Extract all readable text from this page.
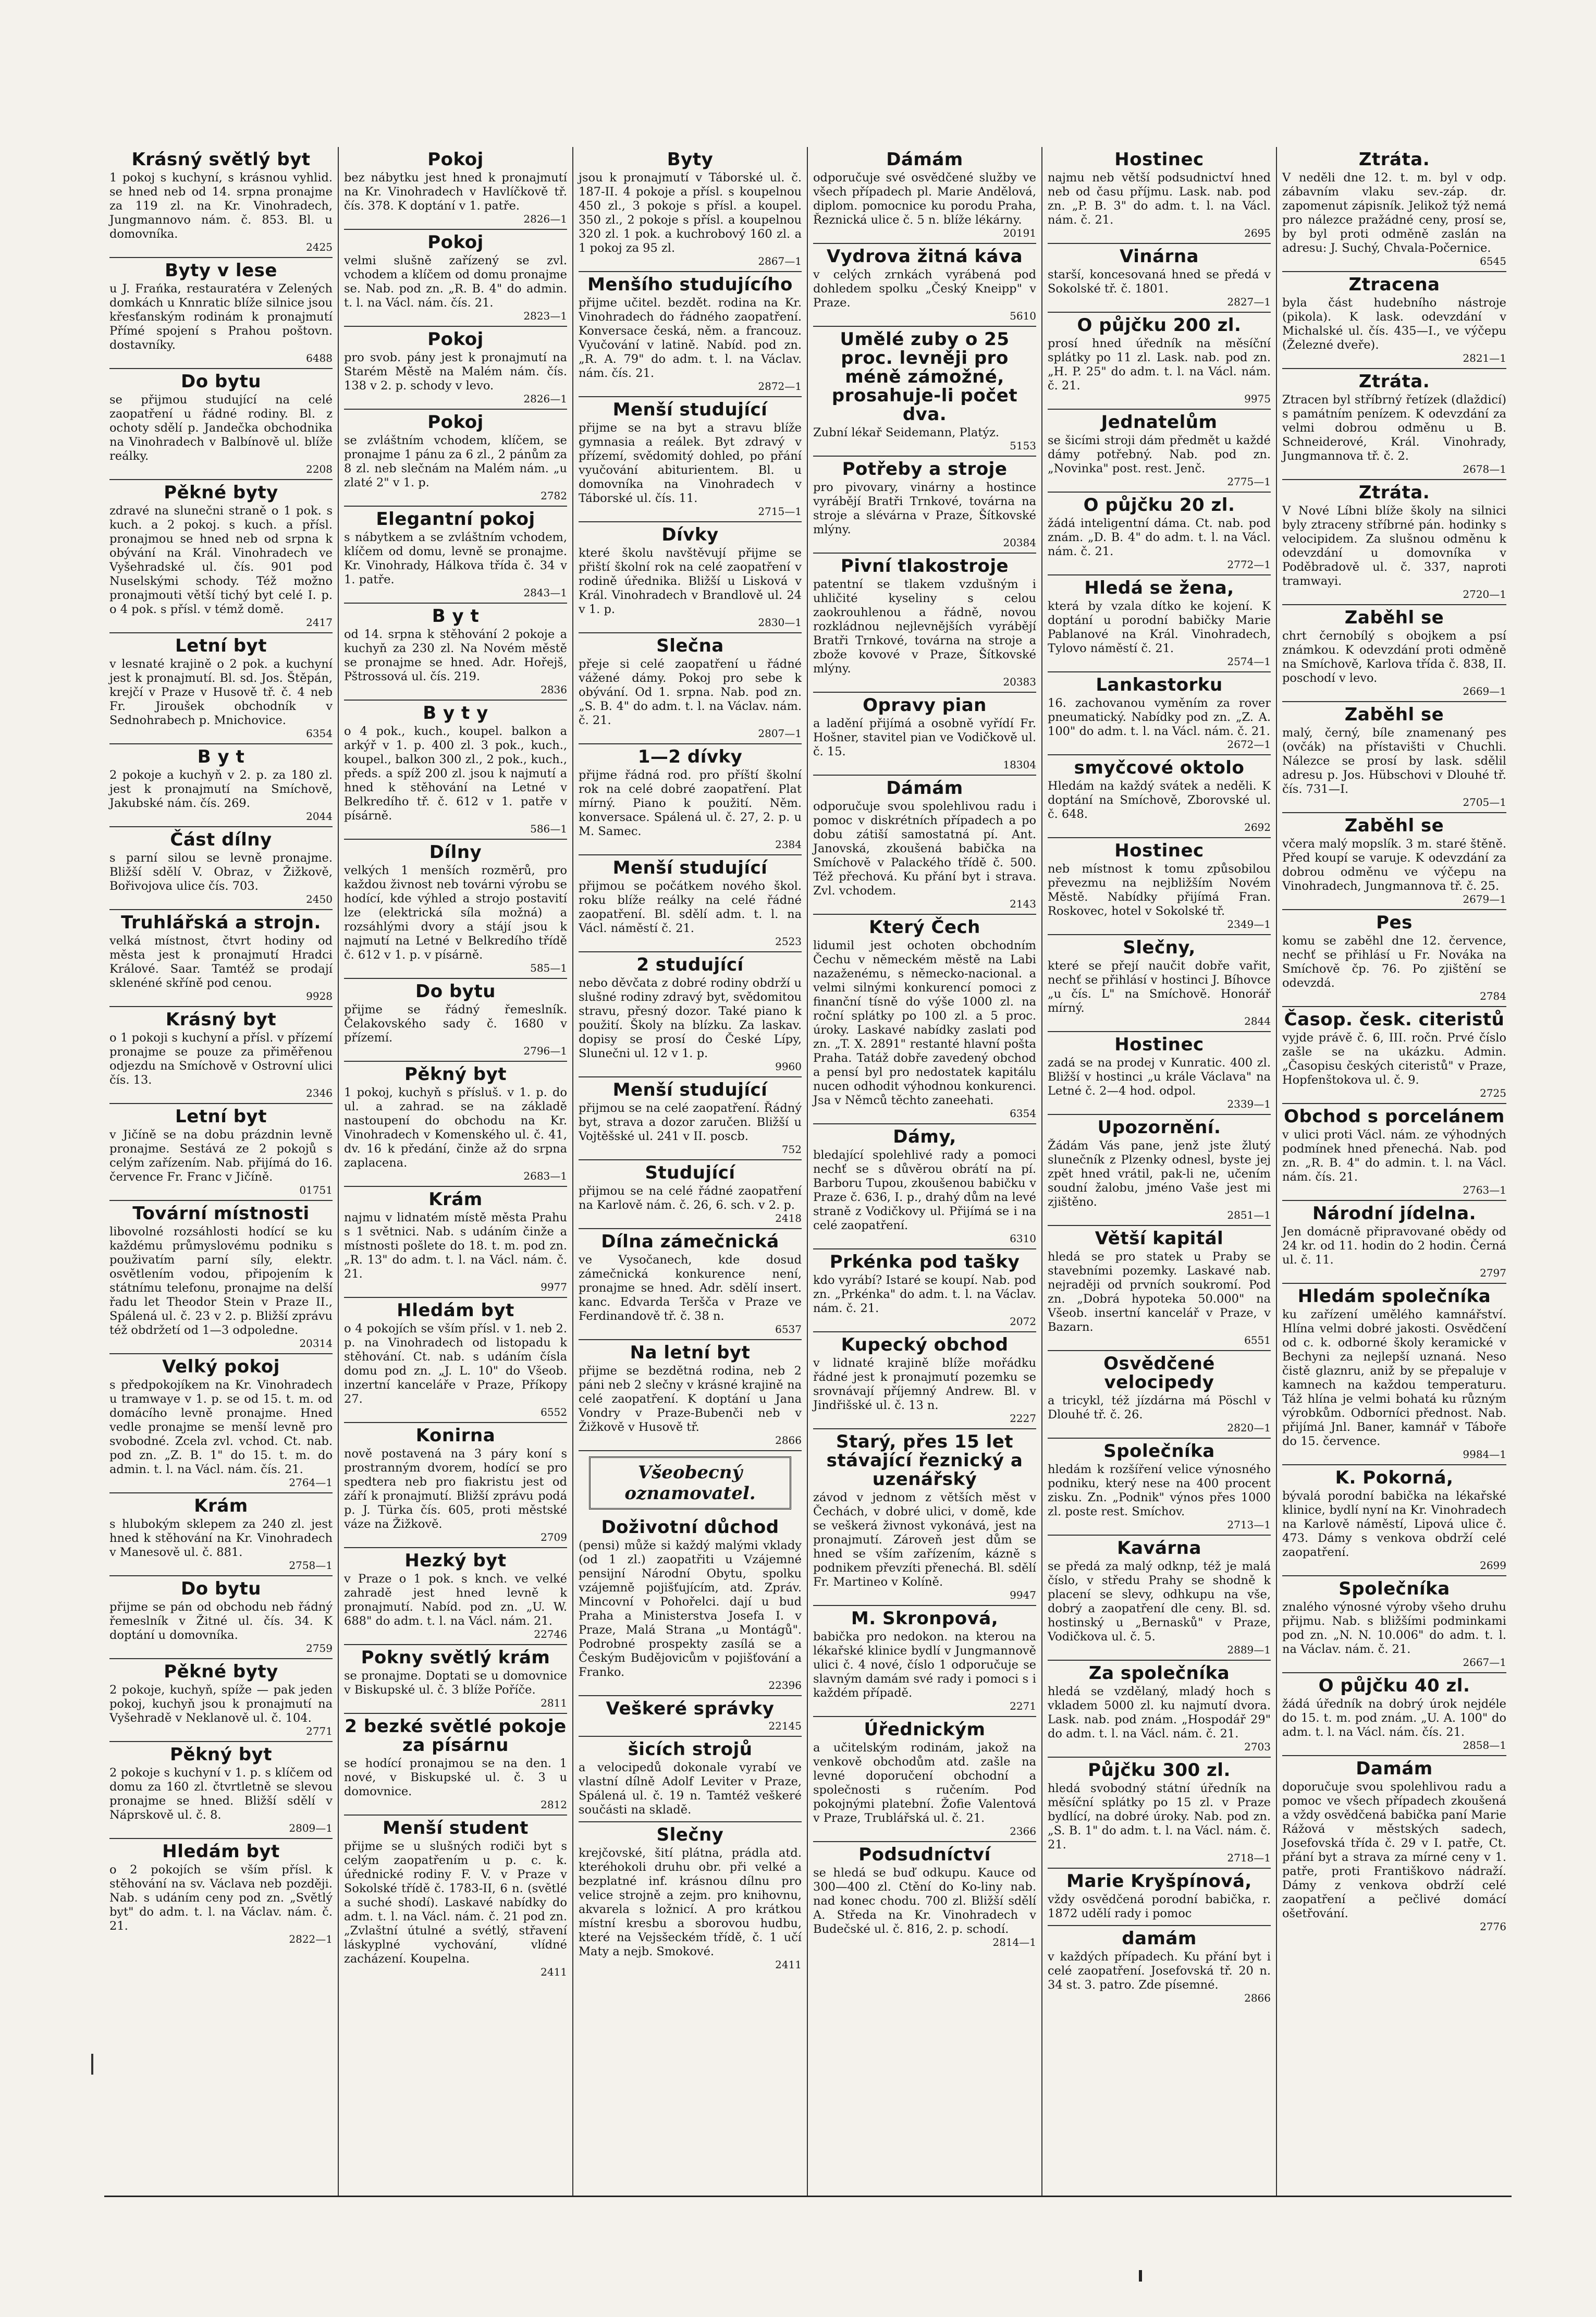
Krásný světlý byt

1 pokoj s kuchyní, s krásnou vyhlid. se hned neb od 14. srpna pronajme za 119 zl. na Kr. Vinohradech, Jungmannovo nám. č. 853. Bl. u domovníka.

2425
Byty v lese

u J. Frańka, restauratéra v Zelených domkách u Knnratic blíže silnice jsou křesťanským rodinám k pronajmutí Přímé spojení s Prahou poštovn. dostavníky.

6488
Do bytu

se přijmou studující na celé zaopatření u řádné rodiny. Bl. z ochoty sdělí p. Jandečka obchodnika na Vinohradech v Balbínově ul. blíže reálky.

2208
Pěkné byty

zdravé na slunečni straně o 1 pok. s kuch. a 2 pokoj. s kuch. a přísl. pronajmou se hned neb od srpna k obývání na Král. Vinohradech ve Vyšehradské ul. čís. 901 pod Nuselskými schody. Též možno pronajmouti větší tichý byt celé I. p. o 4 pok. s přísl. v témž domě.

2417
Letní byt

v lesnaté krajině o 2 pok. a kuchyní jest k pronajmutí. Bl. sd. Jos. Štěpán, krejčí v Praze v Husově tř. č. 4 neb Fr. Jiroušek obchodník v Sednohrabech p. Mnichovice.

6354
B y t

2 pokoje a kuchyň v 2. p. za 180 zl. jest k pronajmutí na Smíchově, Jakubské nám. čís. 269.

2044
Část dílny

s parní silou se levně pronajme. Bližší sdělí V. Obraz, v Žižkově, Bořivojova ulice čís. 703.

2450
Truhlářská a strojn.

velká místnost, čtvrt hodiny od města jest k pronajmutí Hradci Králové. Saar. Tamtéž se prodají sklenéné skříně pod cenou.

9928
Krásný byt

o 1 pokoji s kuchyní a přísl. v přízemí pronajme se pouze za přiměřenou odjezdu na Smíchově v Ostrovní ulici čís. 13.

2346
Letní byt

v Jičíně se na dobu prázdnin levně pronajme. Sestává ze 2 pokojů s celým zařízením. Nab. přijímá do 16. července Fr. Franc v Jičíně.

01751
Tovární místnosti

libovolné rozsáhlosti hodící se ku každému průmyslovému podniku s použivatím parní síly, elektr. osvětlením vodou, připojením k státnímu telefonu, pronajme na delší řadu let Theodor Stein v Praze II., Spálená ul. č. 23 v 2. p. Bližší zprávu též obdržetí od 1—3 odpoledne.

20314
Velký pokoj

s předpokojíkem na Kr. Vinohradech u tramwaye v 1. p. se od 15. t. m. od domácího levně pronajme. Hned vedle pronajme se menší levně pro svobodné. Zcela zvl. vchod. Ct. nab. pod zn. „Z. B. 1" do 15. t. m. do admin. t. l. na Václ. nám. čís. 21.

2764—1
Krám

s hlubokým sklepem za 240 zl. jest hned k stěhování na Kr. Vinohradech v Manesově ul. č. 881.

2758—1
Do bytu

přijme se pán od obchodu neb řádný řemeslník v Žitné ul. čís. 34. K doptání u domovníka.

2759
Pěkné byty

2 pokoje, kuchyň, spíže — pak jeden pokoj, kuchyň jsou k pronajmutí na Vyšehradě v Neklanově ul. č. 104.

2771
Pěkný byt

2 pokoje s kuchyní v 1. p. s klíčem od domu za 160 zl. čtvrtletně se slevou pronajme se hned. Bližší sdělí v Náprskově ul. č. 8.

2809—1
Hledám byt

o 2 pokojích se vším přísl. k stěhování na sv. Václava neb později. Nab. s udáním ceny pod zn. „Světlý byt" do adm. t. l. na Václav. nám. č. 21.

2822—1
Pokoj

bez nábytku jest hned k pronajmutí na Kr. Vinohradech v Havlíčkově tř. čís. 378. K doptání v 1. patře.

2826—1
Pokoj

velmi slušně zařízený se zvl. vchodem a klíčem od domu pronajme se. Nab. pod zn. „R. B. 4" do admin. t. l. na Václ. nám. čís. 21.

2823—1
Pokoj

pro svob. pány jest k pronajmutí na Starém Městě na Malém nám. čís. 138 v 2. p. schody v levo.

2826—1
Pokoj

se zvláštním vchodem, klíčem, se pronajme 1 pánu za 6 zl., 2 pánům za 8 zl. neb slečnám na Malém nám. „u zlaté 2" v 1. p.

2782
Elegantní pokoj

s nábytkem a se zvláštním vchodem, klíčem od domu, levně se pronajme. Kr. Vinohrady, Hálkova třída č. 34 v 1. patře.

2843—1
B y t

od 14. srpna k stěhování 2 pokoje a kuchyň za 230 zl. Na Novém městě se pronajme se hned. Adr. Hořejš, Pštrossová ul. čís. 219.

2836
B y t y

o 4 pok., kuch., koupel. balkon a arkýř v 1. p. 400 zl. 3 pok., kuch., koupel., balkon 300 zl., 2 pok., kuch., předs. a spíž 200 zl. jsou k najmutí a hned k stěhování na Letné v Belkredího tř. č. 612 v 1. patře v písárně.

586—1
Dílny

velkých 1 menších rozměrů, pro každou živnost neb továrni výrobu se hodící, kde výhled a strojo postavití lze (elektrická síla možná) a rozsáhlými dvory a stájí jsou k najmutí na Letné v Belkredího třídě č. 612 v 1. p. v písárně.

585—1
Do bytu

přijme se řádný řemeslník. Čelakovského sady č. 1680 v přízemí.

2796—1
Pěkný byt

1 pokoj, kuchyň s přísluš. v 1. p. do ul. a zahrad. se na základě nastoupení do obchodu na Kr. Vinohradech v Komenského ul. č. 41, dv. 16 k předání, činže až do srpna zaplacena.

2683—1
Krám

najmu v lidnatém místě města Prahu s 1 světnici. Nab. s udáním činže a místnosti pošlete do 18. t. m. pod zn. „R. 13" do adm. t. l. na Václ. nám. č. 21.

9977
Hledám byt

o 4 pokojích se vším přísl. v 1. neb 2. p. na Vinohradech od listopadu k stěhování. Ct. nab. s udáním čísla domu pod zn. „J. L. 10" do Všeob. inzertní kanceláře v Praze, Příkopy 27.

6552
Konirna

nově postavená na 3 páry koní s prostranným dvorem, hodící se pro spedtera neb pro fiakristu jest od září k pronajmutí. Bližší zprávu podá p. J. Türka čís. 605, proti městské váze na Žižkově.

2709
Hezký byt

v Praze o 1 pok. s knch. ve velké zahradě jest hned levně k pronajmutí. Nabíd. pod zn. „U. W. 688" do adm. t. l. na Václ. nám. 21.

22746
Pokny světlý krám

se pronajme. Doptati se u domovnice v Biskupské ul. č. 3 blíže Poříče.

2811
2 bezké světlé pokoje za písárnu

se hodící pronajmou se na den. 1 nové, v Biskupské ul. č. 3 u domovnice.

2812
Menší student

přijme se u slušných rodiči byt s celým zaopatřením u p. c. k. úřednické rodiny F. V. v Praze v Sokolské třídě č. 1783-II, 6 n. (světlé a suché shodí). Laskavé nabídky do adm. t. l. na Václ. nám. č. 21 pod zn. „Zvlaštní útulné a svétlý, střavení láskyplné vychování, vlídné zacházení. Koupelna.

2411
Byty

jsou k pronajmutí v Táborské ul. č. 187-II. 4 pokoje a přísl. s koupelnou 450 zl., 3 pokoje s přísl. a koupel. 350 zl., 2 pokoje s přísl. a koupelnou 320 zl. 1 pok. a kuchrobový 160 zl. a 1 pokoj za 95 zl.

2867—1
Menšího studujícího

přijme učitel. bezdět. rodina na Kr. Vinohradech do řádného zaopatření. Konversace česká, něm. a francouz. Vyučování v latině. Nabíd. pod zn. „R. A. 79" do adm. t. l. na Václav. nám. čís. 21.

2872—1
Menší studující

přijme se na byt a stravu blíže gymnasia a reálek. Byt zdravý v přízemí, svědomitý dohled, po přání vyučování abiturientem. Bl. u domovníka na Vinohradech v Táborské ul. čís. 11.

2715—1
Dívky

které školu navštěvují přijme se přiští školní rok na celé zaopatření v rodině úřednika. Bližší u Lisková v Král. Vinohradech v Brandlově ul. 24 v 1. p.

2830—1
Slečna

přeje si celé zaopatření u řádné vážené dámy. Pokoj pro sebe k obývání. Od 1. srpna. Nab. pod zn. „S. B. 4" do adm. t. l. na Václav. nám. č. 21.

2807—1
1—2 dívky

přijme řádná rod. pro příští školní rok na celé dobré zaopatření. Plat mírný. Piano k použití. Něm. konversace. Spálená ul. č. 27, 2. p. u M. Samec.

2384
Menší studující

přijmou se počátkem nového škol. roku blíže reálky na celé řádné zaopatření. Bl. sdělí adm. t. l. na Václ. náměstí č. 21.

2523
2 studující

nebo děvčata z dobré rodiny obdrží u slušné rodiny zdravý byt, svědomitou stravu, přesný dozor. Také piano k použití. Školy na blízku. Za laskav. dopisy se prosí do České Lípy, Slunečni ul. 12 v 1. p.

9960
Menší studující

přijmou se na celé zaopatření. Řádný byt, strava a dozor zaručen. Bližší u Vojtěšské ul. 241 v II. poscb.

752
Studující

přijmou se na celé řádné zaopatření na Karlově nám. č. 26, 6. sch. v 2. p.

2418
Dílna zámečnická

ve Vysočanech, kde dosud zámečnická konkurence není, pronajme se hned. Adr. sdělí insert. kanc. Edvarda Teršča v Praze ve Ferdinandově tř. č. 38 n.

6537
Na letní byt

přijme se bezdětná rodina, neb 2 páni neb 2 slečny v krásné krajině na celé zaopatření. K doptání u Jana Vondry v Praze-Bubenči neb v Žižkově v Husově tř.

2866
Všeobecný oznamovatel.
Doživotní důchod

(pensi) může si každý malými vklady (od 1 zl.) zaopatřiti u Vzájemné pensijní Národní Obytu, spolku vzájemně pojišťujícím, atd. Zpráv. Mincovní v Pohořelci. dají u bud Praha a Ministerstva Josefa I. v Praze, Malá Strana „u Montágů". Podrobné prospekty zasílá se a Českým Budějovicům v pojišťování a Franko.

22396
Veškeré správky
22145
šicích strojů

a velocipedů dokonale vyrabí ve vlastní dílně Adolf Leviter v Praze, Spálená ul. č. 19 n. Tamtéž veškeré součásti na skladě.

Slečny

krejčovské, šití plátna, prádla atd. kteréhokoli druhu obr. při velké a bezplatné inf. krásnou dílnu pro velice strojně a zejm. pro knihovnu, akvarela s ložnicí. A pro krátkou místní kresbu a sborovou hudbu, které na Vejsšeckém třídě, č. 1 učí Maty a nejb. Smokové.

2411
Dámám

odporučuje své osvědčené služby ve všech případech pl. Marie Andělová, diplom. pomocnice ku porodu Praha, Řeznická ulice č. 5 n. blíže lékárny.

20191
Vydrova žitná káva

v celých zrnkách vyrábená pod dohledem spolku „Český Kneipp" v Praze.

5610
Umělé zuby o 25 proc. levněji pro méně zámožné, prosahuje-li počet dva.

Zubní lékař Seidemann, Platýz.

5153
Potřeby a stroje

pro pivovary, vinárny a hostince vyrábějí Bratři Trnkové, továrna na stroje a slévárna v Praze, Šítkovské mlýny.

20384
Pivní tlakostroje

patentní se tlakem vzdušným i uhličité kyseliny s celou zaokrouhlenou a řádně, novou rozkládnou nejlevnějších vyrábějí Bratři Trnkové, továrna na stroje a zbože kovové v Praze, Šítkovské mlýny.

20383
Opravy pian

a ladění přijímá a osobně vyřídí Fr. Hošner, stavitel pian ve Vodičkově ul. č. 15.

18304
Dámám

odporučuje svou spolehlivou radu i pomoc v diskrétních případech a po dobu zátiší samostatná pí. Ant. Janovská, zkoušená babička na Smíchově v Palackého třídě č. 500. Též přechová. Ku přání byt i strava. Zvl. vchodem.

2143
Který Čech

lidumil jest ochoten obchodním Čechu v německém městě na Labi nazaženému, s německo-nacional. a velmi silnými konkurencí pomoci z finanční tísně do výše 1000 zl. na roční splátky po 100 zl. a 5 proc. úroky. Laskavé nabídky zaslati pod zn. „T. X. 2891" restanté hlavní pošta Praha. Tatáž dobře zavedený obchod a pensí byl pro nedostatek kapitálu nucen odhodit výhodnou konkurenci. Jsa v Němců těchto zaneehati.

6354
Dámy,

bledající spolehlivé rady a pomoci nechť se s důvěrou obrátí na pí. Barboru Tupou, zkoušenou babičku v Praze č. 636, I. p., drahý dům na levé straně z Vodičkovy ul. Přijímá se i na celé zaopatření.

6310
Prkénka pod tašky

kdo vyrábí? Istaré se koupí. Nab. pod zn. „Prkénka" do adm. t. l. na Václav. nám. č. 21.

2072
Kupecký obchod

v lidnaté krajině blíže mořádku řádné jest k pronajmutí pozemku se srovnávají příjemný Andrew. Bl. v Jindřišské ul. č. 13 n.

2227
Starý, přes 15 let stávající řeznický a uzenářský

závod v jednom z větších měst v Čechách, v dobré ulici, v domě, kde se veškerá živnost vykonává, jest na pronajmutí. Zároveň jest dům se hned se vším zařízením, kázně s podnikem převzíti přenechá. Bl. sdělí Fr. Martineo v Kolíně.

9947
M. Skronpová,

babička pro nedokon. na kterou na lékařské klinice bydlí v Jungmannově ulici č. 4 nové, číslo 1 odporučuje se slavným damám své rady i pomoci s i každém případě.

2271
Úřednickým

a učitelským rodinám, jakož na venkově obchodům atd. zašle na levné doporučení obchodní a společnosti s ručením. Pod pokojnými platební. Žofie Valentová v Praze, Trublářská ul. č. 21.

2366
Podsudníctví

se hledá se buď odkupu. Kauce od 300—400 zl. Ctění do Ko-liny nab. nad konec chodu. 700 zl. Bližší sdělí A. Středa na Kr. Vinohradech v Budečské ul. č. 816, 2. p. schodí.

2814—1
Hostinec

najmu neb větší podsudnictví hned neb od času příjmu. Lask. nab. pod zn. „P. B. 3" do adm. t. l. na Václ. nám. č. 21.

2695
Vinárna

starší, koncesovaná hned se předá v Sokolské tř. č. 1801.

2827—1
O půjčku 200 zl.

prosí hned úředník na měsíční splátky po 11 zl. Lask. nab. pod zn. „H. P. 25" do adm. t. l. na Václ. nám. č. 21.

9975
Jednatelům

se šicími stroji dám předmět u každé dámy potřebný. Nab. pod zn. „Novinka" post. rest. Jenč.

2775—1
O půjčku 20 zl.

žádá inteligentní dáma. Ct. nab. pod znám. „D. B. 4" do adm. t. l. na Václ. nám. č. 21.

2772—1
Hledá se žena,

která by vzala dítko ke kojení. K doptání u porodní babičky Marie Pablanové na Král. Vinohradech, Tylovo náměstí č. 21.

2574—1
Lankastorku

16. zachovanou vyměním za rover pneumatický. Nabídky pod zn. „Z. A. 100" do adm. t. l. na Václ. nám. č. 21.

2672—1
smyčcové oktolo

Hledám na každý svátek a neděli. K doptání na Smíchově, Zborovské ul. č. 648.

2692
Hostinec

neb místnost k tomu způsobilou převezmu na nejbližším Novém Městě. Nabídky přijímá Fran. Roskovec, hotel v Sokolské tř.

2349—1
Slečny,

které se přejí naučit dobře vařit, nechť se přihlásí v hostinci J. Bíhovce „u čís. L" na Smíchově. Honorář mírný.

2844
Hostinec

zadá se na prodej v Kunratic. 400 zl. Bližší v hostinci „u krále Václava" na Letné č. 2—4 hod. odpol.

2339—1
Upozornění.

Žádám Vás pane, jenž jste žlutý slunečník z Plzenky odnesl, byste jej zpět hned vrátil, pak-li ne, učením soudní žalobu, jméno Vaše jest mi zjištěno.

2851—1
Větší kapitál

hledá se pro statek u Praby se stavebními pozemky. Laskavé nab. nejraději od prvních soukromí. Pod zn. „Dobrá hypoteka 50.000" na Všeob. insertní kancelář v Praze, v Bazarn.

6551
Osvědčené velocipedy

a tricykl, též jízdárna má Pöschl v Dlouhé tř. č. 26.

2820—1
Společníka

hledám k rozšíření velice výnosného podniku, který nese na 400 procent zisku. Zn. „Podnik" výnos přes 1000 zl. poste rest. Smíchov.

2713—1
Kavárna

se předá za malý odknp, též je malá číslo, v středu Prahy se shodně k placení se slevy, odhkupu na vše, dobrý a zaopatření dle ceny. Bl. sd. hostinský u „Bernasků" v Praze, Vodičkova ul. č. 5.

2889—1
Za společníka

hledá se vzdělaný, mladý hoch s vkladem 5000 zl. ku najmutí dvora. Lask. nab. pod znám. „Hospodář 29" do adm. t. l. na Václ. nám. č. 21.

2703
Půjčku 300 zl.

hledá svobodný státní úředník na měsíční splátky po 15 zl. v Praze bydlící, na dobré úroky. Nab. pod zn. „S. B. 1" do adm. t. l. na Václ. nám. č. 21.

2718—1
Marie Kryšpínová,

vždy osvědčená porodní babička, r. 1872 udělí rady i pomoc

damám

v každých případech. Ku přání byt i celé zaopatření. Josefovská tř. 20 n. 34 st. 3. patro. Zde písemné.

2866
Ztráta.

V neděli dne 12. t. m. byl v odp. zábavním vlaku sev.-záp. dr. zapomenut zápisník. Jelikož týž nemá pro nálezce pražádné ceny, prosí se, by byl proti odměně zaslán na adresu: J. Suchý, Chvala-Počernice.

6545
Ztracena

byla část hudebního nástroje (pikola). K lask. odevzdání v Michalské ul. čís. 435—I., ve výčepu (Železné dveře).

2821—1
Ztráta.

Ztracen byl stříbrný řetízek (dlaždicí) s památním penízem. K odevzdání za velmi dobrou odměnu u B. Schneiderové, Král. Vinohrady, Jungmannova tř. č. 2.

2678—1
Ztráta.

V Nové Líbni blíže školy na silnici byly ztraceny stříbrné pán. hodinky s velocipidem. Za slušnou odměnu k odevzdání u domovníka v Poděbradově ul. č. 337, naproti tramwayi.

2720—1
Zaběhl se

chrt černobílý s obojkem a psí známkou. K odevzdání proti odměně na Smíchově, Karlova třída č. 838, II. poschodí v levo.

2669—1
Zaběhl se

malý, černý, bíle znamenaný pes (ovčák) na přístavišti v Chuchli. Nálezce se prosí by lask. sdělil adresu p. Jos. Hübschovi v Dlouhé tř. čís. 731—I.

2705—1
Zaběhl se

včera malý mopslík. 3 m. staré štěně. Před koupí se varuje. K odevzdání za dobrou odměnu ve výčepu na Vinohradech, Jungmannova tř. č. 25.

2679—1
Pes

komu se zaběhl dne 12. července, nechť se přihlásí u Fr. Nováka na Smíchově čp. 76. Po zjištění se odevzdá.

2784
Časop. česk. citeristů

vyjde právě č. 6, III. ročn. Prvé číslo zašle se na ukázku. Admin. „Časopisu českých citeristů" v Praze, Hopfenštokova ul. č. 9.

2725
Obchod s porcelánem

v ulici proti Václ. nám. ze výhodných podmínek hned přenechá. Nab. pod zn. „R. B. 4" do admin. t. l. na Václ. nám. čís. 21.

2763—1
Národní jídelna.

Jen domácně připravované obědy od 24 kr. od 11. hodin do 2 hodin. Černá ul. č. 11.

2797
Hledám společníka

ku zařízení umělého kamnářství. Hlína velmi dobré jakosti. Osvědčení od c. k. odborné školy keramické v Bechyni za nejlepší uznaná. Neso čistě glaznru, aniž by se přepaluje v kamnech na každou temperaturu. Táž hlína je velmi bohatá ku různým výrobkům. Odborníci přednost. Nab. přijímá Jnl. Baner, kamnář v Táboře do 15. července.

9984—1
K. Pokorná,

bývalá porodní babička na lékařské klinice, bydlí nyní na Kr. Vinohradech na Karlově náměstí, Lipová ulice č. 473. Dámy s venkova obdrží celé zaopatření.

2699
Společníka

znalého výnosné výroby všeho druhu přijmu. Nab. s bližšími podminkami pod zn. „N. N. 10.006" do adm. t. l. na Václav. nám. č. 21.

2667—1
O půjčku 40 zl.

žádá úředník na dobrý úrok nejdéle do 15. t. m. pod znám. „U. A. 100" do adm. t. l. na Václ. nám. čís. 21.

2858—1
Damám

doporučuje svou spolehlivou radu a pomoc ve všech případech zkoušená a vždy osvědčená babička paní Marie Rážová v městských sadech, Josefovská třída č. 29 v I. patře, Ct. přání byt a strava za mírné ceny v 1. patře, proti Františkovo nádraží. Dámy z venkova obdrží celé zaopatření a pečlivé domácí ošetřování.

2776
